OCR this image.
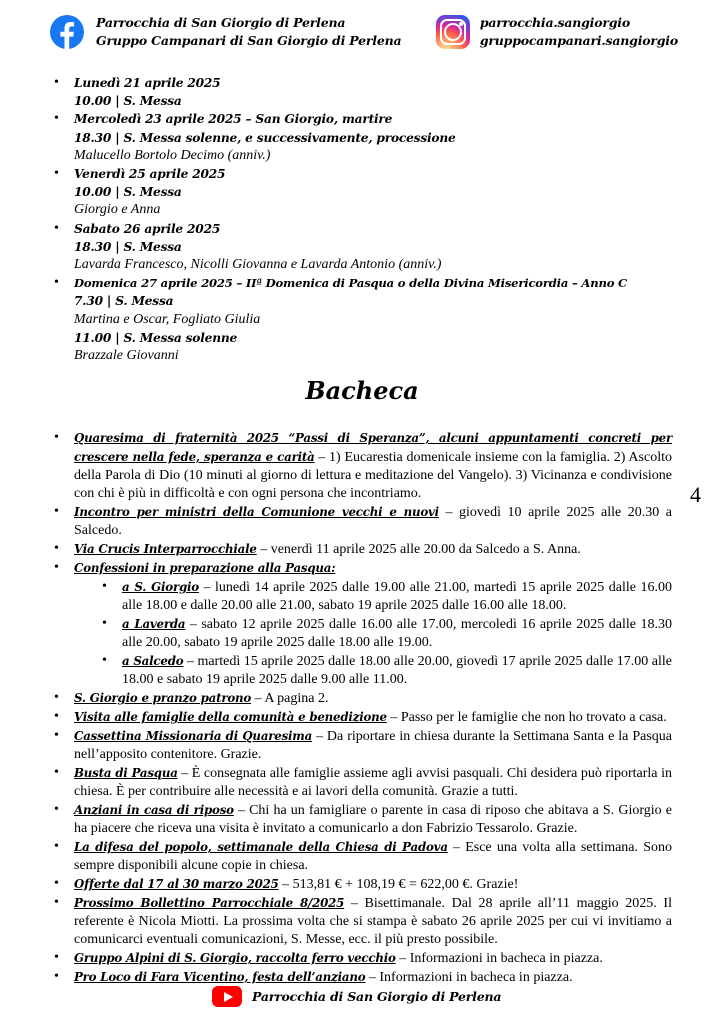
Parrocchia di San Giorgio di Perlena
Gruppo Campanari di San Giorgio di Perlena
parrocchia.sangiorgio
gruppocampanari.sangiorgio
• Lunedì 21 aprile 2025
10.00 | S. Messa
• Mercoledì 23 aprile 2025 – San Giorgio, martire
18.30 | S. Messa solenne, e successivamente, processione
Malucello Bortolo Decimo (anniv.)
• Venerdì 25 aprile 2025
10.00 | S. Messa
Giorgio e Anna
• Sabato 26 aprile 2025
18.30 | S. Messa
Lavarda Francesco, Nicolli Giovanna e Lavarda Antonio (anniv.)
• Domenica 27 aprile 2025 – IIª Domenica di Pasqua o della Divina Misericordia – Anno C
7.30 | S. Messa
Martina e Oscar, Fogliato Giulia
11.00 | S. Messa solenne
Brazzale Giovanni
Bacheca
• Quaresima di fraternità 2025 “Passi di Speranza”, alcuni appuntamenti concreti per crescere nella fede, speranza e carità – 1) Eucarestia domenicale insieme con la famiglia. 2) Ascolto della Parola di Dio (10 minuti al giorno di lettura e meditazione del Vangelo). 3) Vicinanza e condivisione con chi è più in difficoltà e con ogni persona che incontriamo.
• Incontro per ministri della Comunione vecchi e nuovi – giovedì 10 aprile 2025 alle 20.30 a Salcedo.
• Via Crucis Interparrocchiale – venerdì 11 aprile 2025 alle 20.00 da Salcedo a S. Anna.
• Confessioni in preparazione alla Pasqua:
• a S. Giorgio – lunedì 14 aprile 2025 dalle 19.00 alle 21.00, martedì 15 aprile 2025 dalle 16.00 alle 18.00 e dalle 20.00 alle 21.00, sabato 19 aprile 2025 dalle 16.00 alle 18.00.
• a Laverda – sabato 12 aprile 2025 dalle 16.00 alle 17.00, mercoledì 16 aprile 2025 dalle 18.30 alle 20.00, sabato 19 aprile 2025 dalle 18.00 alle 19.00.
• a Salcedo – martedì 15 aprile 2025 dalle 18.00 alle 20.00, giovedì 17 aprile 2025 dalle 17.00 alle 18.00 e sabato 19 aprile 2025 dalle 9.00 alle 11.00.
• S. Giorgio e pranzo patrono – A pagina 2.
• Visita alle famiglie della comunità e benedizione – Passo per le famiglie che non ho trovato a casa.
• Cassettina Missionaria di Quaresima – Da riportare in chiesa durante la Settimana Santa e la Pasqua nell’apposito contenitore. Grazie.
• Busta di Pasqua – È consegnata alle famiglie assieme agli avvisi pasquali. Chi desidera può riportarla in chiesa. È per contribuire alle necessità e ai lavori della comunità. Grazie a tutti.
• Anziani in casa di riposo – Chi ha un famigliare o parente in casa di riposo che abitava a S. Giorgio e ha piacere che riceva una visita è invitato a comunicarlo a don Fabrizio Tessarolo. Grazie.
• La difesa del popolo, settimanale della Chiesa di Padova – Esce una volta alla settimana. Sono sempre disponibili alcune copie in chiesa.
• Offerte dal 17 al 30 marzo 2025 – 513,81 € + 108,19 € = 622,00 €. Grazie!
• Prossimo Bollettino Parrocchiale 8/2025 – Bisettimanale. Dal 28 aprile all’11 maggio 2025. Il referente è Nicola Miotti. La prossima volta che si stampa è sabato 26 aprile 2025 per cui vi invitiamo a comunicarci eventuali comunicazioni, S. Messe, ecc. il più presto possibile.
• Gruppo Alpini di S. Giorgio, raccolta ferro vecchio – Informazioni in bacheca in piazza.
• Pro Loco di Fara Vicentino, festa dell’anziano – Informazioni in bacheca in piazza.
4
Parrocchia di San Giorgio di Perlena
